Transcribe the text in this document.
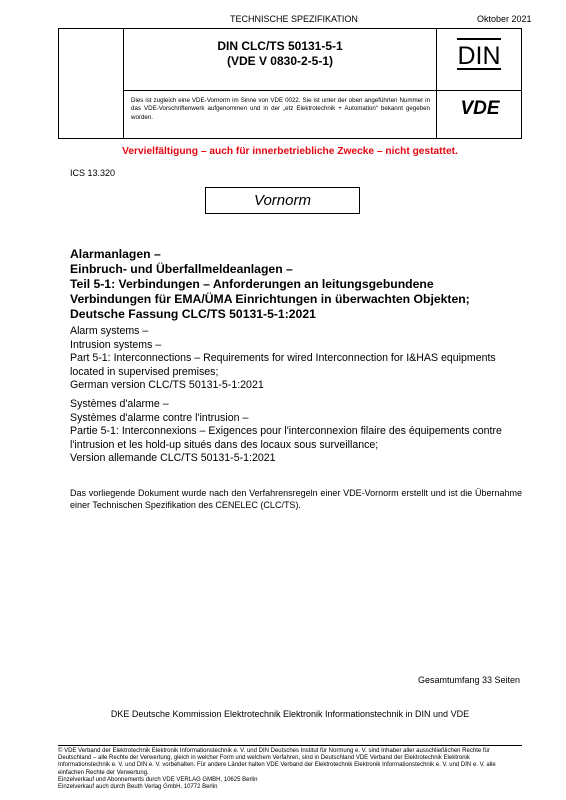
TECHNISCHE SPEZIFIKATION	Oktober 2021
DIN CLC/TS 50131-5-1
(VDE V 0830-2-5-1)	DIN
Dies ist zugleich eine VDE-Vornorm im Sinne von VDE 0022. Sie ist unter der oben angeführten Nummer in das VDE-Vorschriftenwerk aufgenommen und in der „etz Elektrotechnik + Automation“ bekannt gegeben worden.	VDE
Vervielfältigung – auch für innerbetriebliche Zwecke – nicht gestattet.
ICS 13.320
Vornorm
Alarmanlagen –
Einbruch- und Überfallmeldeanlagen –
Teil 5-1: Verbindungen – Anforderungen an leitungsgebundene
Verbindungen für EMA/ÜMA Einrichtungen in überwachten Objekten;
Deutsche Fassung CLC/TS 50131-5-1:2021
Alarm systems –
Intrusion systems –
Part 5-1: Interconnections – Requirements for wired Interconnection for I&HAS equipments
located in supervised premises;
German version CLC/TS 50131-5-1:2021
Systèmes d'alarme –
Systèmes d'alarme contre l'intrusion –
Partie 5-1: Interconnexions – Exigences pour l'interconnexion filaire des équipements contre
l'intrusion et les hold-up situés dans des locaux sous surveillance;
Version allemande CLC/TS 50131-5-1:2021
Das vorliegende Dokument wurde nach den Verfahrensregeln einer VDE-Vornorm erstellt und ist die Übernahme einer Technischen Spezifikation des CENELEC (CLC/TS).
Gesamtumfang 33 Seiten
DKE Deutsche Kommission Elektrotechnik Elektronik Informationstechnik in DIN und VDE
© VDE Verband der Elektrotechnik Elektronik Informationstechnik e. V. und DIN Deutsches Institut für Normung e. V. sind Inhaber aller ausschließlichen Rechte für Deutschland – alle Rechte der Verwertung, gleich in welcher Form und welchem Verfahren, sind in Deutschland VDE Verband der Elektrotechnik Elektronik Informationstechnik e. V. und DIN e. V. vorbehalten. Für andere Länder halten VDE Verband der Elektrotechnik Elektronik Informationstechnik e. V. und DIN e. V. alle einfachen Rechte der Verwertung.
Einzelverkauf und Abonnements durch VDE VERLAG GMBH, 10625 Berlin
Einzelverkauf auch durch Beuth Verlag GmbH, 10772 Berlin
